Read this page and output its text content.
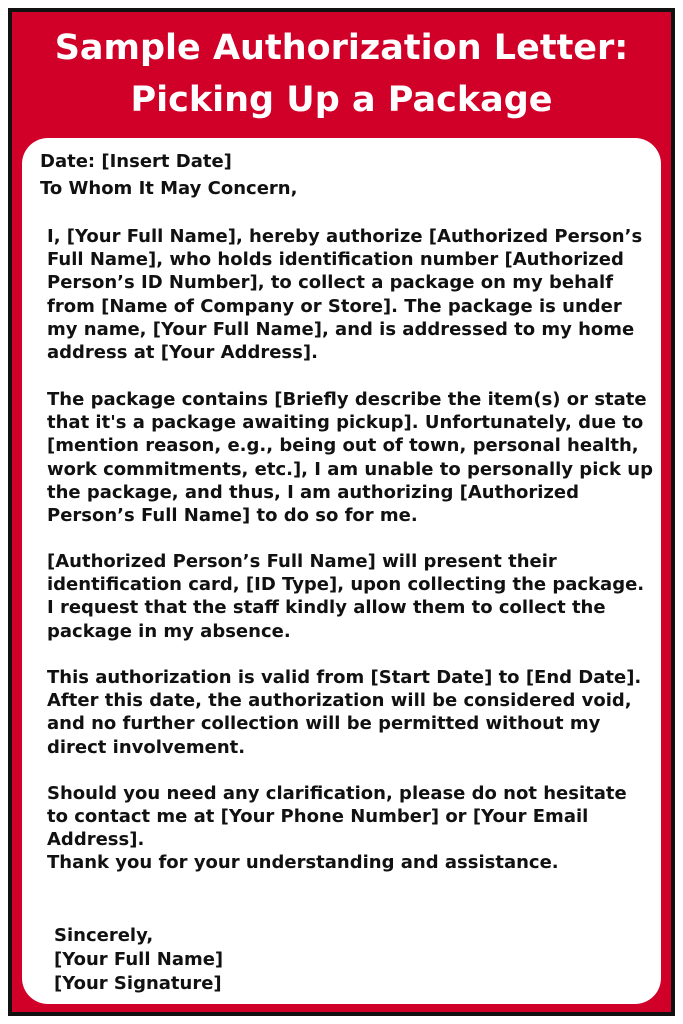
Sample Authorization Letter:
Picking Up a Package

Date: [Insert Date]

To Whom It May Concern,

I, [Your Full Name], hereby authorize [Authorized Person’s Full Name], who holds identification number [Authorized Person’s ID Number], to collect a package on my behalf from [Name of Company or Store]. The package is under my name, [Your Full Name], and is addressed to my home address at [Your Address].

The package contains [Briefly describe the item(s) or state that it's a package awaiting pickup]. Unfortunately, due to [mention reason, e.g., being out of town, personal health, work commitments, etc.], I am unable to personally pick up the package, and thus, I am authorizing [Authorized Person’s Full Name] to do so for me.

[Authorized Person’s Full Name] will present their identification card, [ID Type], upon collecting the package. I request that the staff kindly allow them to collect the package in my absence.

This authorization is valid from [Start Date] to [End Date]. After this date, the authorization will be considered void, and no further collection will be permitted without my direct involvement.

Should you need any clarification, please do not hesitate to contact me at [Your Phone Number] or [Your Email Address].

Thank you for your understanding and assistance.

Sincerely,

[Your Full Name]

[Your Signature]
